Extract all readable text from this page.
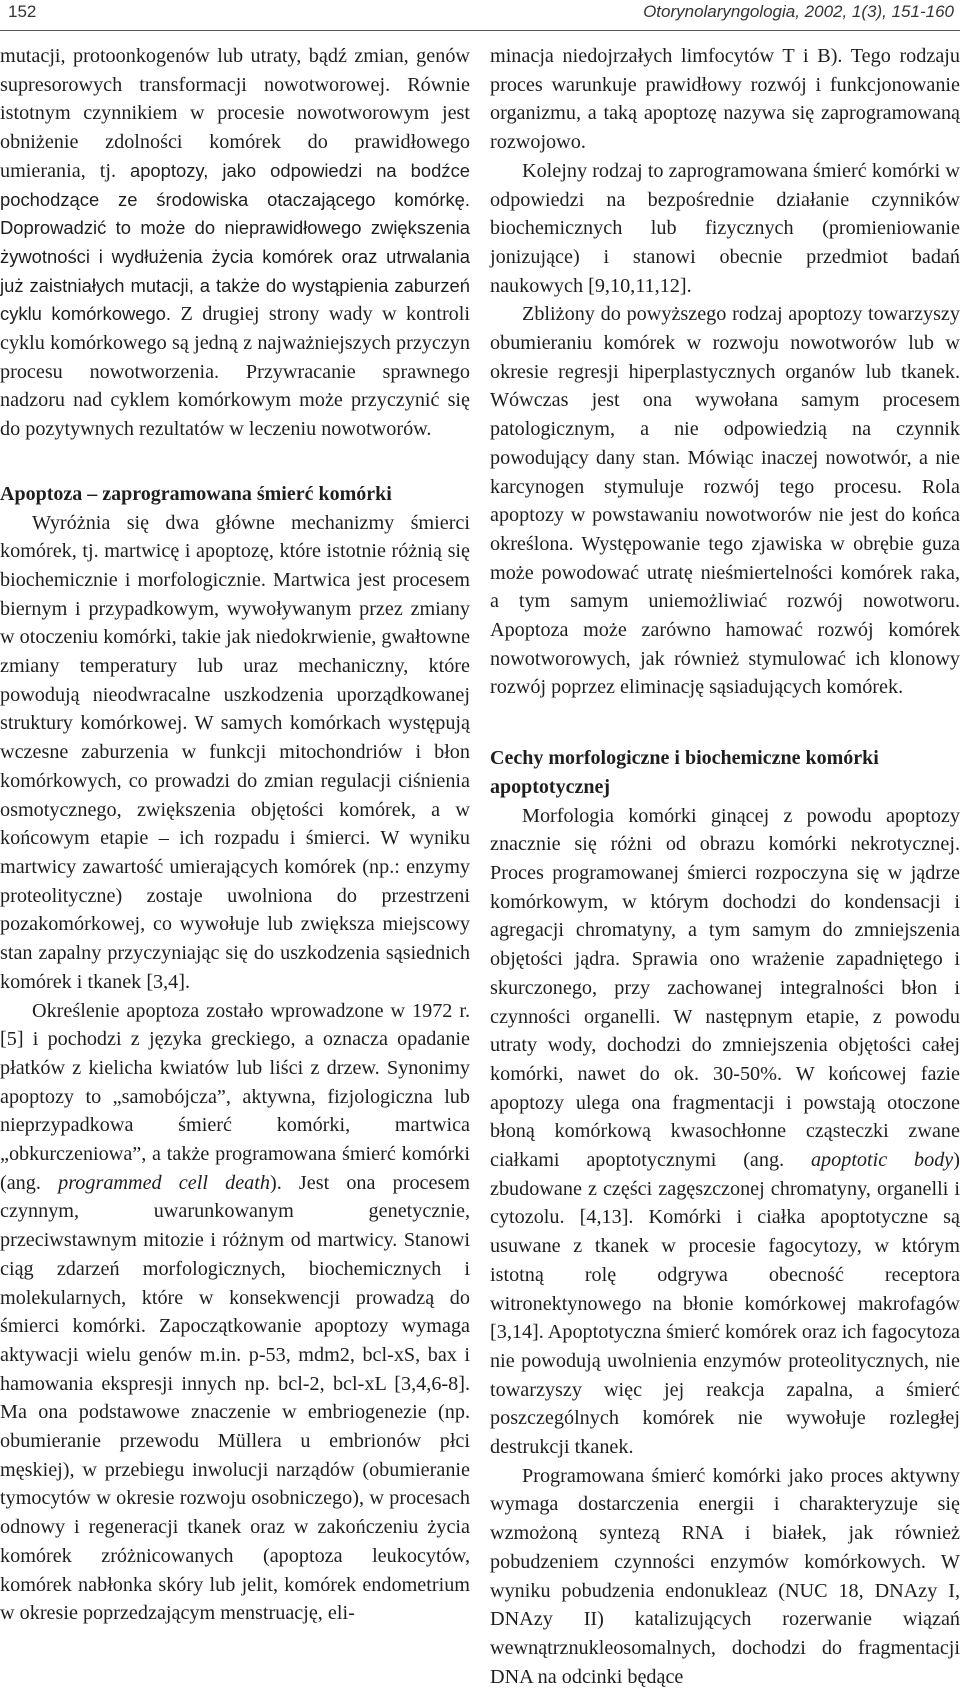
152	Otorynolaryngologia, 2002, 1(3), 151-160

mutacji, protoonkogenów lub utraty, bądź zmian, genów supresorowych transformacji nowotworowej. Równie istotnym czynnikiem w procesie nowotworowym jest obniżenie zdolności komórek do prawidłowego umierania, tj. apoptozy, jako odpowiedzi na bodźce pochodzące ze środowiska otaczającego komórkę. Doprowadzić to może do nieprawidłowego zwiększenia żywotności i wydłużenia życia komórek oraz utrwalania już zaistniałych mutacji, a także do wystąpienia zaburzeń cyklu komórkowego. Z drugiej strony wady w kontroli cyklu komórkowego są jedną z najważniejszych przyczyn procesu nowotworzenia. Przywracanie sprawnego nadzoru nad cyklem komórkowym może przyczynić się do pozytywnych rezultatów w leczeniu nowotworów.

Apoptoza – zaprogramowana śmierć komórki

Wyróżnia się dwa główne mechanizmy śmierci komórek, tj. martwicę i apoptozę, które istotnie różnią się biochemicznie i morfologicznie. Martwica jest procesem biernym i przypadkowym, wywoływanym przez zmiany w otoczeniu komórki, takie jak niedokrwienie, gwałtowne zmiany temperatury lub uraz mechaniczny, które powodują nieodwracalne uszkodzenia uporządkowanej struktury komórkowej. W samych komórkach występują wczesne zaburzenia w funkcji mitochondriów i błon komórkowych, co prowadzi do zmian regulacji ciśnienia osmotycznego, zwiększenia objętości komórek, a w końcowym etapie – ich rozpadu i śmierci. W wyniku martwicy zawartość umierających komórek (np.: enzymy proteolityczne) zostaje uwolniona do przestrzeni pozakomórkowej, co wywołuje lub zwiększa miejscowy stan zapalny przyczyniając się do uszkodzenia sąsiednich komórek i tkanek [3,4].

Określenie apoptoza zostało wprowadzone w 1972 r. [5] i pochodzi z języka greckiego, a oznacza opadanie płatków z kielicha kwiatów lub liści z drzew. Synonimy apoptozy to „samobójcza”, aktywna, fizjologiczna lub nieprzypadkowa śmierć komórki, martwica „obkurczeniowa”, a także programowana śmierć komórki (ang. programmed cell death). Jest ona procesem czynnym, uwarunkowanym genetycznie, przeciwstawnym mitozie i różnym od martwicy. Stanowi ciąg zdarzeń morfologicznych, biochemicznych i molekularnych, które w konsekwencji prowadzą do śmierci komórki. Zapoczątkowanie apoptozy wymaga aktywacji wielu genów m.in. p-53, mdm2, bcl-xS, bax i hamowania ekspresji innych np. bcl-2, bcl-xL [3,4,6-8]. Ma ona podstawowe znaczenie w embriogenezie (np. obumieranie przewodu Müllera u embrionów płci męskiej), w przebiegu inwolucji narządów (obumieranie tymocytów w okresie rozwoju osobniczego), w procesach odnowy i regeneracji tkanek oraz w zakończeniu życia komórek zróżnicowanych (apoptoza leukocytów, komórek nabłonka skóry lub jelit, komórek endometrium w okresie poprzedzającym menstruację, eli-

minacja niedojrzałych limfocytów T i B). Tego rodzaju proces warunkuje prawidłowy rozwój i funkcjonowanie organizmu, a taką apoptozę nazywa się zaprogramowaną rozwojowo.

Kolejny rodzaj to zaprogramowana śmierć komórki w odpowiedzi na bezpośrednie działanie czynników biochemicznych lub fizycznych (promieniowanie jonizujące) i stanowi obecnie przedmiot badań naukowych [9,10,11,12].

Zbliżony do powyższego rodzaj apoptozy towarzyszy obumieraniu komórek w rozwoju nowotworów lub w okresie regresji hiperplastycznych organów lub tkanek. Wówczas jest ona wywołana samym procesem patologicznym, a nie odpowiedzią na czynnik powodujący dany stan. Mówiąc inaczej nowotwór, a nie karcynogen stymuluje rozwój tego procesu. Rola apoptozy w powstawaniu nowotworów nie jest do końca określona. Występowanie tego zjawiska w obrębie guza może powodować utratę nieśmiertelności komórek raka, a tym samym uniemożliwiać rozwój nowotworu. Apoptoza może zarówno hamować rozwój komórek nowotworowych, jak również stymulować ich klonowy rozwój poprzez eliminację sąsiadujących komórek.

Cechy morfologiczne i biochemiczne komórki apoptotycznej

Morfologia komórki ginącej z powodu apoptozy znacznie się różni od obrazu komórki nekrotycznej. Proces programowanej śmierci rozpoczyna się w jądrze komórkowym, w którym dochodzi do kondensacji i agregacji chromatyny, a tym samym do zmniejszenia objętości jądra. Sprawia ono wrażenie zapadniętego i skurczonego, przy zachowanej integralności błon i czynności organelli. W następnym etapie, z powodu utraty wody, dochodzi do zmniejszenia objętości całej komórki, nawet do ok. 30-50%. W końcowej fazie apoptozy ulega ona fragmentacji i powstają otoczone błoną komórkową kwasochłonne cząsteczki zwane ciałkami apoptotycznymi (ang. apoptotic body) zbudowane z części zagęszczonej chromatyny, organelli i cytozolu. [4,13]. Komórki i ciałka apoptotyczne są usuwane z tkanek w procesie fagocytozy, w którym istotną rolę odgrywa obecność receptora witronektynowego na błonie komórkowej makrofagów [3,14]. Apoptotyczna śmierć komórek oraz ich fagocytoza nie powodują uwolnienia enzymów proteolitycznych, nie towarzyszy więc jej reakcja zapalna, a śmierć poszczególnych komórek nie wywołuje rozległej destrukcji tkanek.

Programowana śmierć komórki jako proces aktywny wymaga dostarczenia energii i charakteryzuje się wzmożoną syntezą RNA i białek, jak również pobudzeniem czynności enzymów komórkowych. W wyniku pobudzenia endonukleaz (NUC 18, DNAzy I, DNAzy II) katalizujących rozerwanie wiązań wewnątrznukleosomalnych, dochodzi do fragmentacji DNA na odcinki będące
